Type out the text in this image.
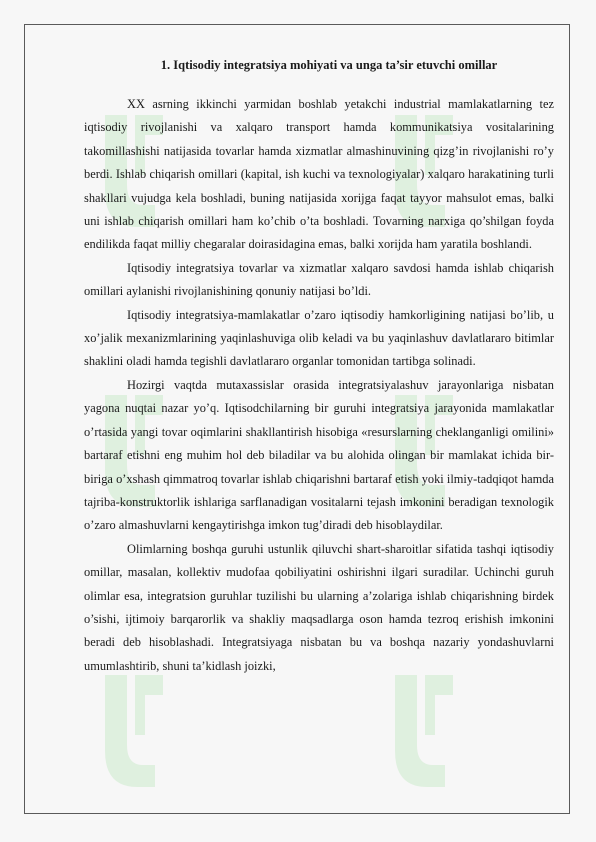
1. Iqtisodiy integratsiya mohiyati va unga ta’sir etuvchi omillar

XX asrning ikkinchi yarmidan boshlab yetakchi industrial mamlakatlarning tez iqtisodiy rivojlanishi va xalqaro transport hamda kommunikatsiya vositalarining takomillashishi natijasida tovarlar hamda xizmatlar almashinuvining qizg’in rivojlanishi ro’y berdi. Ishlab chiqarish omillari (kapital, ish kuchi va texnologiyalar) xalqaro harakatining turli shakllari vujudga kela boshladi, buning natijasida xorijga faqat tayyor mahsulot emas, balki uni ishlab chiqarish omillari ham ko’chib o’ta boshladi. Tovarning narxiga qo’shilgan foyda endilikda faqat milliy chegaralar doirasidagina emas, balki xorijda ham yaratila boshlandi.

Iqtisodiy integratsiya tovarlar va xizmatlar xalqaro savdosi hamda ishlab chiqarish omillari aylanishi rivojlanishining qonuniy natijasi bo’ldi.

Iqtisodiy integratsiya-mamlakatlar o’zaro iqtisodiy hamkorligining natijasi bo’lib, u xo’jalik mexanizmlarining yaqinlashuviga olib keladi va bu yaqinlashuv davlatlararo bitimlar shaklini oladi hamda tegishli davlatlararo organlar tomonidan tartibga solinadi.

Hozirgi vaqtda mutaxassislar orasida integratsiyalashuv jarayonlariga nisbatan yagona nuqtai nazar yo’q. Iqtisodchilarning bir guruhi integratsiya jarayonida mamlakatlar o’rtasida yangi tovar oqimlarini shakllantirish hisobiga «resurslarning cheklanganligi omilini» bartaraf etishni eng muhim hol deb biladilar va bu alohida olingan bir mamlakat ichida bir-biriga o’xshash qimmatroq tovarlar ishlab chiqarishni bartaraf etish yoki ilmiy-tadqiqot hamda tajriba-konstruktorlik ishlariga sarflanadigan vositalarni tejash imkonini beradigan texnologik o’zaro almashuvlarni kengaytirishga imkon tug’diradi deb hisoblaydilar.

Olimlarning boshqa guruhi ustunlik qiluvchi shart-sharoitlar sifatida tashqi iqtisodiy omillar, masalan, kollektiv mudofaa qobiliyatini oshirishni ilgari suradilar. Uchinchi guruh olimlar esa, integratsion guruhlar tuzilishi bu ularning a’zolariga ishlab chiqarishning birdek o’sishi, ijtimoiy barqarorlik va shakliy maqsadlarga oson hamda tezroq erishish imkonini beradi deb hisoblashadi. Integratsiyaga nisbatan bu va boshqa nazariy yondashuvlarni umumlashtirib, shuni ta’kidlash joizki,
